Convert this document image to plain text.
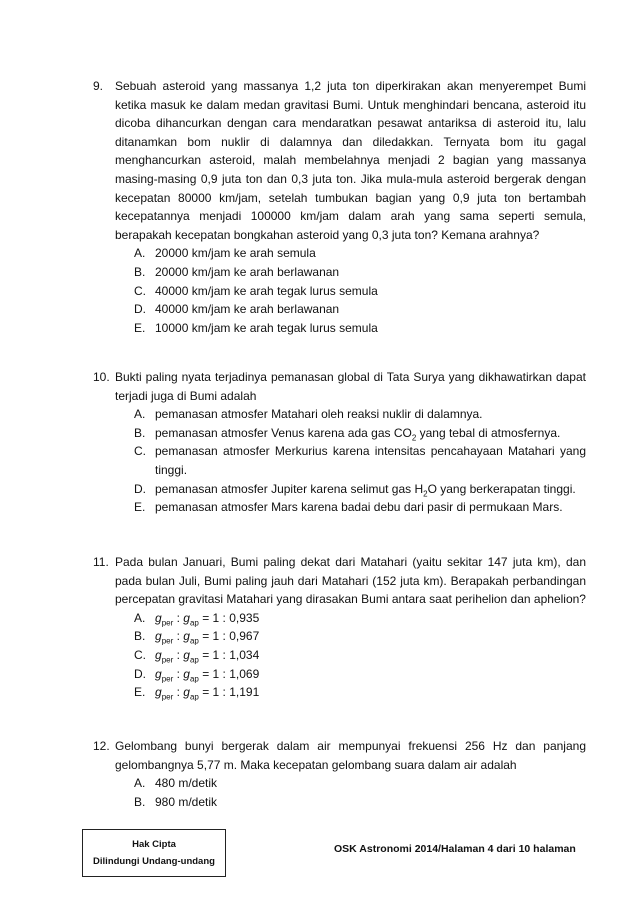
9. Sebuah asteroid yang massanya 1,2 juta ton diperkirakan akan menyerempet Bumi ketika masuk ke dalam medan gravitasi Bumi. Untuk menghindari bencana, asteroid itu dicoba dihancurkan dengan cara mendaratkan pesawat antariksa di asteroid itu, lalu ditanamkan bom nuklir di dalamnya dan diledakkan. Ternyata bom itu gagal menghancurkan asteroid, malah membelahnya menjadi 2 bagian yang massanya masing-masing 0,9 juta ton dan 0,3 juta ton. Jika mula-mula asteroid bergerak dengan kecepatan 80000 km/jam, setelah tumbukan bagian yang 0,9 juta ton bertambah kecepatannya menjadi 100000 km/jam dalam arah yang sama seperti semula, berapakah kecepatan bongkahan asteroid yang 0,3 juta ton? Kemana arahnya?
A. 20000 km/jam ke arah semula
B. 20000 km/jam ke arah berlawanan
C. 40000 km/jam ke arah tegak lurus semula
D. 40000 km/jam ke arah berlawanan
E. 10000 km/jam ke arah tegak lurus semula
10. Bukti paling nyata terjadinya pemanasan global di Tata Surya yang dikhawatirkan dapat terjadi juga di Bumi adalah
A. pemanasan atmosfer Matahari oleh reaksi nuklir di dalamnya.
B. pemanasan atmosfer Venus karena ada gas $CO_2$ yang tebal di atmosfernya.
C. pemanasan atmosfer Merkurius karena intensitas pencahayaan Matahari yang tinggi.
D. pemanasan atmosfer Jupiter karena selimut gas $H_2O$ yang berkerapatan tinggi.
E. pemanasan atmosfer Mars karena badai debu dari pasir di permukaan Mars.
11. Pada bulan Januari, Bumi paling dekat dari Matahari (yaitu sekitar 147 juta km), dan pada bulan Juli, Bumi paling jauh dari Matahari (152 juta km). Berapakah perbandingan percepatan gravitasi Matahari yang dirasakan Bumi antara saat perihelion dan aphelion?
A. $g_{per}$ : $g_{ap} = 1$ : 0,935
B. $g_{per}$ : $g_{ap} = 1$ : 0,967
C. $g_{per}$ : $g_{ap} = 1$ : 1,034
D. $g_{per}$ : $g_{ap} = 1$ : 1,069
E. $g_{per}$ : $g_{ap} = 1$ : 1,191
12. Gelombang bunyi bergerak dalam air mempunyai frekuensi 256 Hz dan panjang gelombangnya 5,77 m. Maka kecepatan gelombang suara dalam air adalah
A. 480 m/detik
B. 980 m/detik
Hak Cipta
Dilindungi Undang-undang
OSK Astronomi 2014/Halaman 4 dari 10 halaman
